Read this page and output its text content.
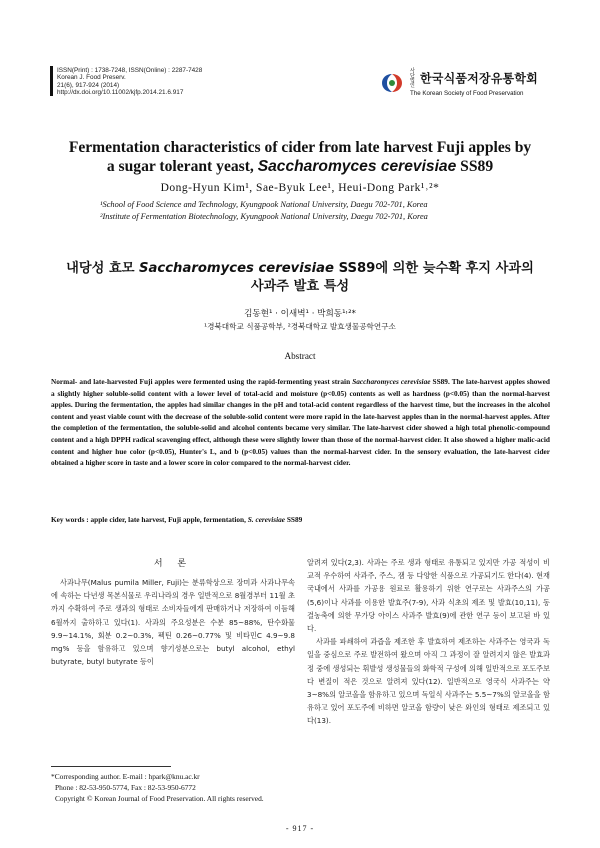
ISSN(Print) : 1738-7248, ISSN(Online) : 2287-7428
Korean J. Food Preserv.
21(6), 917-924 (2014)
http://dx.doi.org/10.11002/kjfp.2014.21.6.917
사단
법인한국식품저장유통학회
The Korean Society of Food Preservation
Fermentation characteristics of cider from late harvest Fuji apples by
a sugar tolerant yeast, Saccharomyces cerevisiae SS89
Dong-Hyun Kim¹, Sae-Byuk Lee¹, Heui-Dong Park¹˒²*
¹School of Food Science and Technology, Kyungpook National University, Daegu 702-701, Korea
²Institute of Fermentation Biotechnology, Kyungpook National University, Daegu 702-701, Korea
내당성 효모 Saccharomyces cerevisiae SS89에 의한 늦수확 후지 사과의
사과주 발효 특성
김동현¹ · 이새벽¹ · 박희동¹˒²*
¹경북대학교 식품공학부, ²경북대학교 발효생물공학연구소
Abstract
Normal- and late-harvested Fuji apples were fermented using the rapid-fermenting yeast strain Saccharomyces cerevisiae SS89. The late-harvest apples showed a slightly higher soluble-solid content with a lower level of total-acid and moisture (p<0.05) contents as well as hardness (p<0.05) than the normal-harvest apples. During the fermentation, the apples had similar changes in the pH and total-acid content regardless of the harvest time, but the increases in the alcohol content and yeast viable count with the decrease of the soluble-solid content were more rapid in the late-harvest apples than in the normal-harvest apples. After the completion of the fermentation, the soluble-solid and alcohol contents became very similar. The late-harvest cider showed a high total phenolic-compound content and a high DPPH radical scavenging effect, although these were slightly lower than those of the normal-harvest cider. It also showed a higher malic-acid content and higher hue color (p<0.05), Hunter's L, and b (p<0.05) values than the normal-harvest cider. In the sensory evaluation, the late-harvest cider obtained a higher score in taste and a lower score in color compared to the normal-harvest cider.
Key words : apple cider, late harvest, Fuji apple, fermentation, S. cerevisiae SS89
서 론
사과나무(Malus pumila Miller, Fuji)는 분류학상으로 장미과 사과나무속에 속하는 다년생 목본식물로 우리나라의 경우 일반적으로 8월경부터 11월 초까지 수확하여 주로 생과의 형태로 소비자들에게 판매하거나 저장하여 이듬해 6월까지 출하하고 있다(1). 사과의 주요성분은 수분 85~88%, 탄수화물 9.9~14.1%, 회분 0.2~0.3%, 펙틴 0.26~0.77% 및 비타민C 4.9~9.8 mg% 등을 함유하고 있으며 향기성분으로는 butyl alcohol, ethyl butyrate, butyl butyrate 등이
알려져 있다(2,3). 사과는 주로 생과 형태로 유통되고 있지만 가공 적성이 비교적 우수하여 사과주, 주스, 잼 등 다양한 식품으로 가공되기도 한다(4). 현재 국내에서 사과를 가공용 원료로 활용하기 위한 연구로는 사과주스의 가공(5,6)이나 사과를 이용한 발효주(7-9), 사과 식초의 제조 및 발효(10,11), 동결농축에 의한 무가당 아이스 사과주 발효(9)에 관한 연구 등이 보고된 바 있다.
사과를 파쇄하여 과즙을 제조한 후 발효하여 제조하는 사과주는 영국과 독일을 중심으로 주로 발전하여 왔으며 아직 그 과정이 잘 알려지지 않은 발효과정 중에 생성되는 휘발성 생성물들의 화학적 구성에 의해 일반적으로 포도주보다 변질이 적은 것으로 알려져 있다(12). 일반적으로 영국식 사과주는 약 3~8%의 알코올을 함유하고 있으며 독일식 사과주는 5.5~7%의 알코올을 함유하고 있어 포도주에 비하면 알코올 함량이 낮은 와인의 형태로 제조되고 있다(13).
*Corresponding author. E-mail : hpark@knu.ac.kr
Phone : 82-53-950-5774, Fax : 82-53-950-6772
Copyright © Korean Journal of Food Preservation. All rights reserved.
- 917 -
